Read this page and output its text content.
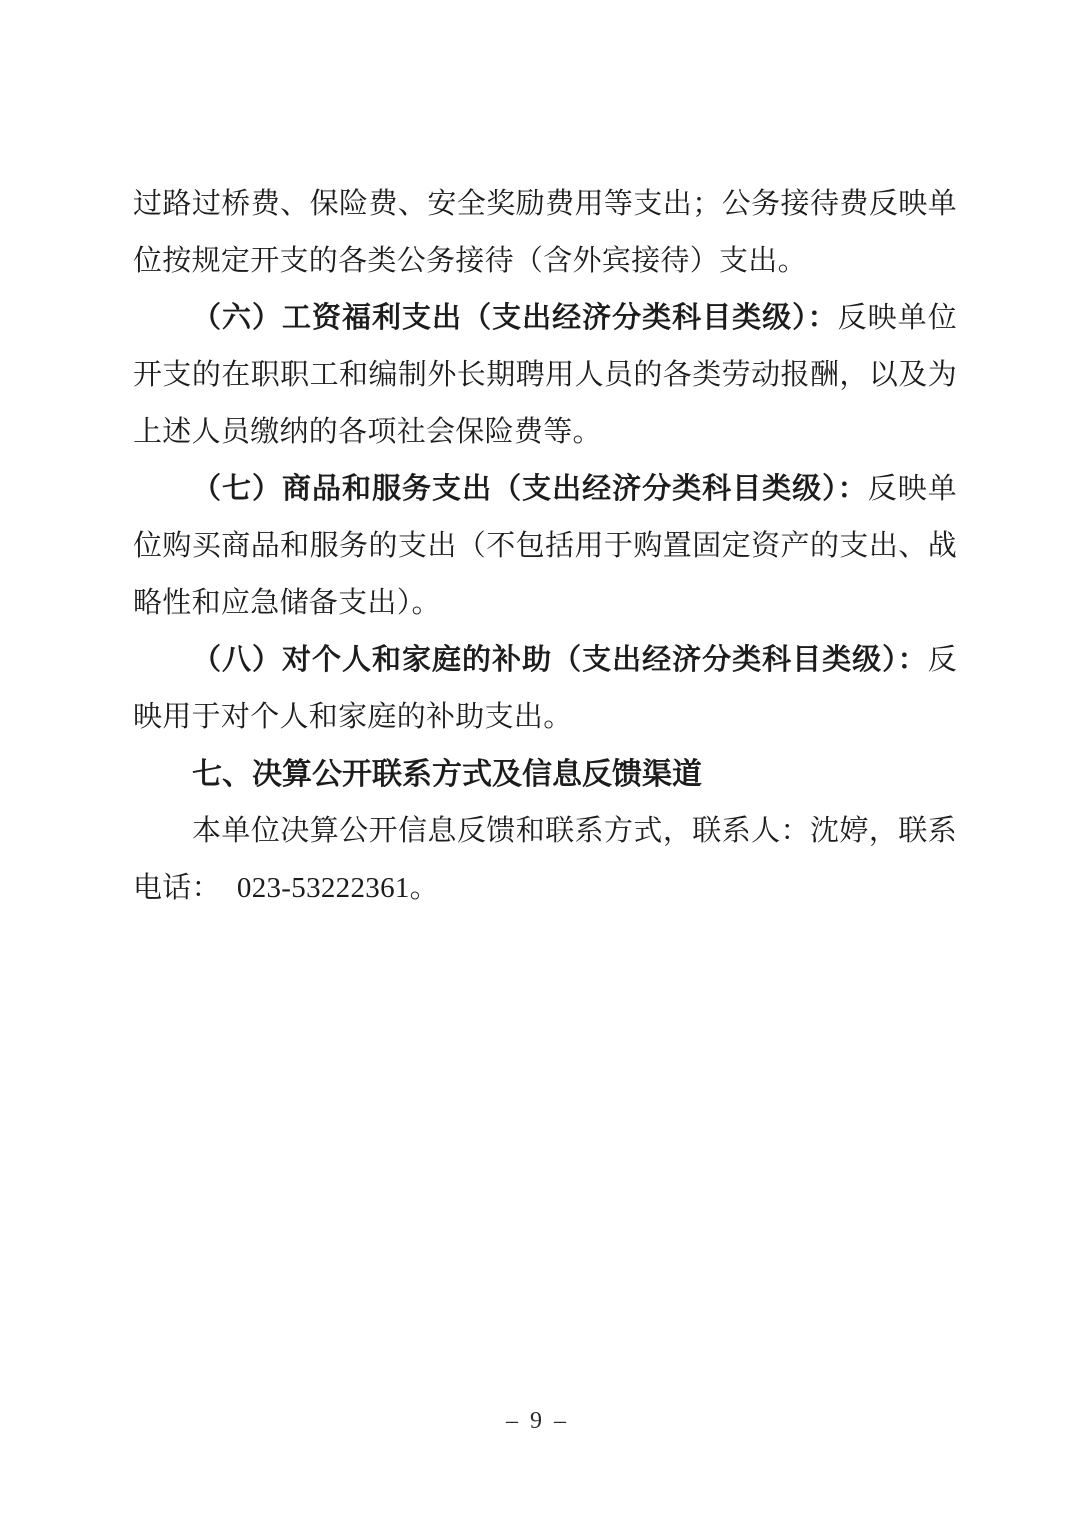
过路过桥费、保险费、安全奖励费用等支出；公务接待费反映单
位按规定开支的各类公务接待（含外宾接待）支出。
（六）工资福利支出（支出经济分类科目类级）：反映单位
开支的在职职工和编制外长期聘用人员的各类劳动报酬，以及为
上述人员缴纳的各项社会保险费等。
（七）商品和服务支出（支出经济分类科目类级）：反映单
位购买商品和服务的支出（不包括用于购置固定资产的支出、战
略性和应急储备支出）。
（八）对个人和家庭的补助（支出经济分类科目类级）：反
映用于对个人和家庭的补助支出。
七、决算公开联系方式及信息反馈渠道
本单位决算公开信息反馈和联系方式，联系人：沈婷，联系
电话： 023-53222361。
– 9 –
